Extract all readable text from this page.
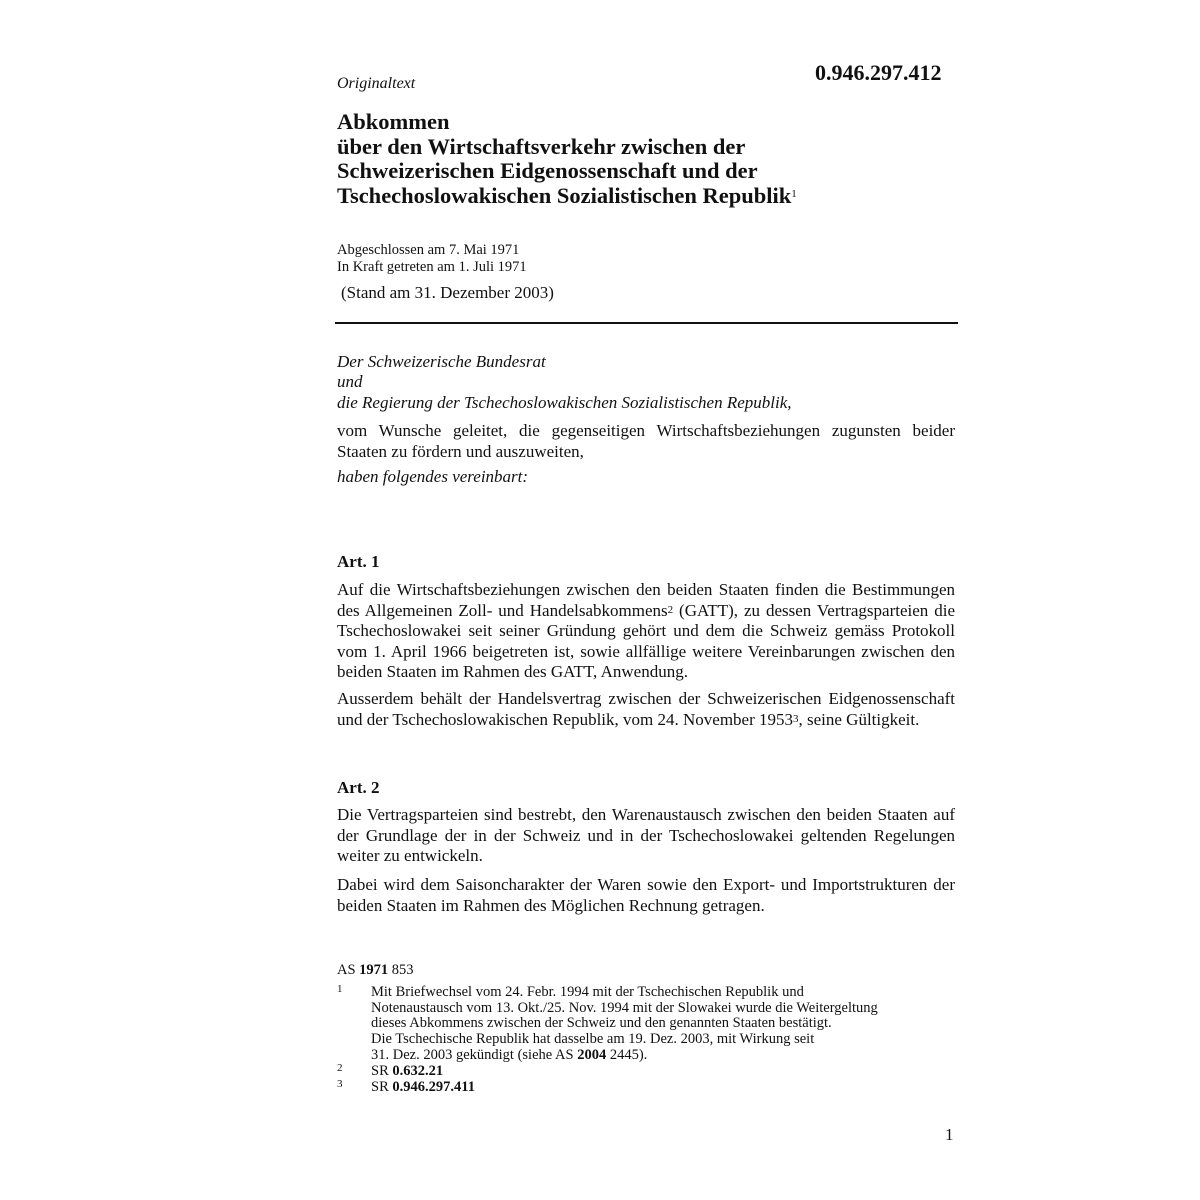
0.946.297.412
Originaltext
Abkommen
über den Wirtschaftsverkehr zwischen der
Schweizerischen Eidgenossenschaft und der
Tschechoslowakischen Sozialistischen Republik$^1$
Abgeschlossen am 7. Mai 1971
In Kraft getreten am 1. Juli 1971
(Stand am 31. Dezember 2003)
Der Schweizerische Bundesrat
und
die Regierung der Tschechoslowakischen Sozialistischen Republik,
vom Wunsche geleitet, die gegenseitigen Wirtschaftsbeziehungen zugunsten beider Staaten zu fördern und auszuweiten,
haben folgendes vereinbart:
Art. 1
Auf die Wirtschaftsbeziehungen zwischen den beiden Staaten finden die Bestimmungen des Allgemeinen Zoll- und Handelsabkommens$^2$ (GATT), zu dessen Vertragsparteien die Tschechoslowakei seit seiner Gründung gehört und dem die Schweiz gemäss Protokoll vom 1. April 1966 beigetreten ist, sowie allfällige weitere Vereinbarungen zwischen den beiden Staaten im Rahmen des GATT, Anwendung.
Ausserdem behält der Handelsvertrag zwischen der Schweizerischen Eidgenossenschaft und der Tschechoslowakischen Republik, vom 24. November 1953$^3$, seine Gültigkeit.
Art. 2
Die Vertragsparteien sind bestrebt, den Warenaustausch zwischen den beiden Staaten auf der Grundlage der in der Schweiz und in der Tschechoslowakei geltenden Regelungen weiter zu entwickeln.
Dabei wird dem Saisoncharakter der Waren sowie den Export- und Importstrukturen der beiden Staaten im Rahmen des Möglichen Rechnung getragen.
AS 1971 853
1 Mit Briefwechsel vom 24. Febr. 1994 mit der Tschechischen Republik und
Notenaustausch vom 13. Okt./25. Nov. 1994 mit der Slowakei wurde die Weitergeltung
dieses Abkommens zwischen der Schweiz und den genannten Staaten bestätigt.
Die Tschechische Republik hat dasselbe am 19. Dez. 2003, mit Wirkung seit
31. Dez. 2003 gekündigt (siehe AS 2004 2445).
2 SR 0.632.21
3 SR 0.946.297.411
1
